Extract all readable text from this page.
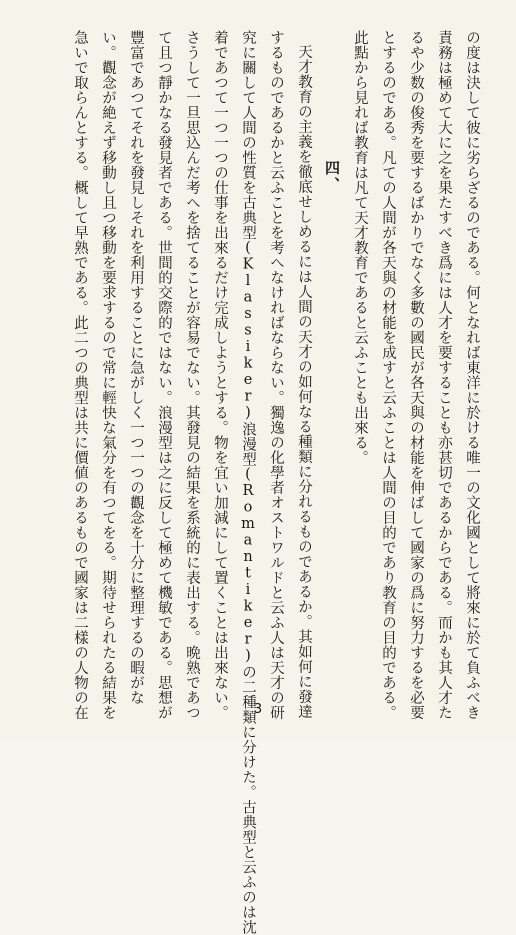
の度は決して彼に劣らざるのである。何となれば東洋に於ける唯一の文化國として將來に於て負ふべき
責務は極めて大に之を果たすべき爲には人才を要することも亦甚切であるからである。而かも其人才た
るや少数の俊秀を要するばかりでなく多數の國民が各天與の材能を伸ばして國家の爲に努力するを必要
とするのである。凡ての人間が各天與の材能を成すと云ふことは人間の目的であり教育の目的である。
此點から見れば教育は凡て天才教育であると云ふことも出來る。
四、
天才教育の主義を徹底せしめるには人間の天才の如何なる種類に分れるものであるか。其如何に發達
するものであるかと云ふことを考へなければならない。獨逸の化學者オストワルドと云ふ人は天才の研
究に關して人間の性質を古典型(Klassiker)浪漫型(Romantiker)の二種類に分けた。古典型と云ふのは沈
着であつて一つ一つの仕事を出來るだけ完成しようとする。物を宜い加減にして置くことは出來ない。
さうして一旦思込んだ考へを捨てることが容易でない。其發見の結果を系統的に表出する。晩熟であつ
て且つ靜かなる發見者である。世間的交際的ではない。浪漫型は之に反して極めて機敏である。思想が
豐富であつてそれを發見しそれを利用することに急がしく一つ一つの觀念を十分に整理するの暇がな
い。觀念が絶えず移動し且つ移動を要求するので常に輕快な氣分を有つてをる。期待せられたる結果を
急いで取らんとする。概して早熟である。此二つの典型は共に價値のあるもので國家は二樣の人物の在	3
